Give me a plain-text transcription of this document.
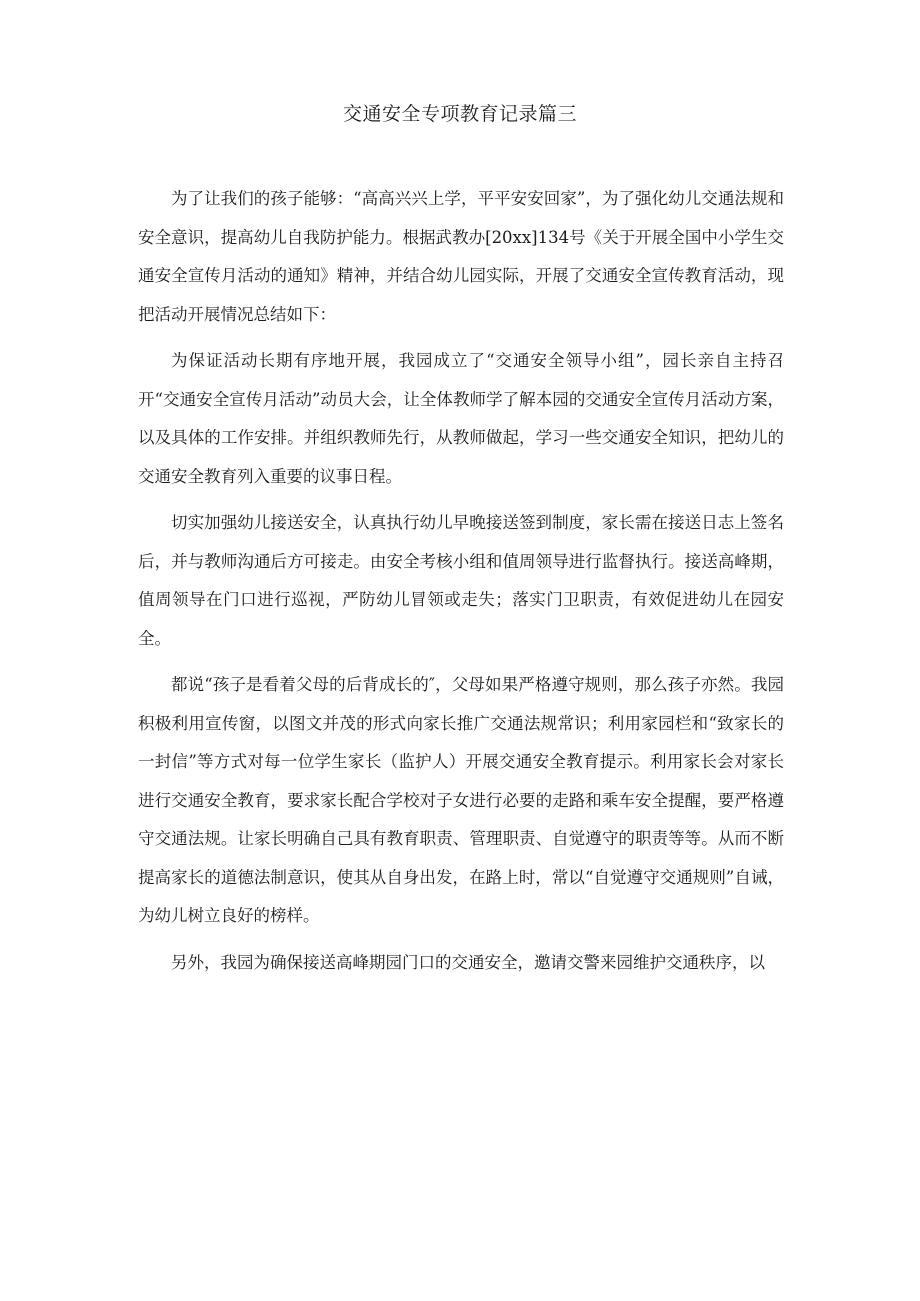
交通安全专项教育记录篇三

为了让我们的孩子能够：“高高兴兴上学，平平安安回家”，为了强化幼儿交通法规和安全意识，提高幼儿自我防护能力。根据武教办[20xx]134号《关于开展全国中小学生交通安全宣传月活动的通知》精神，并结合幼儿园实际，开展了交通安全宣传教育活动，现把活动开展情况总结如下：

为保证活动长期有序地开展，我园成立了“交通安全领导小组”，园长亲自主持召开“交通安全宣传月活动”动员大会，让全体教师学了解本园的交通安全宣传月活动方案，以及具体的工作安排。并组织教师先行，从教师做起，学习一些交通安全知识，把幼儿的交通安全教育列入重要的议事日程。

切实加强幼儿接送安全，认真执行幼儿早晚接送签到制度，家长需在接送日志上签名后，并与教师沟通后方可接走。由安全考核小组和值周领导进行监督执行。接送高峰期，值周领导在门口进行巡视，严防幼儿冒领或走失；落实门卫职责，有效促进幼儿在园安全。

都说“孩子是看着父母的后背成长的″，父母如果严格遵守规则，那么孩子亦然。我园积极利用宣传窗，以图文并茂的形式向家长推广交通法规常识；利用家园栏和“致家长的一封信”等方式对每一位学生家长（监护人）开展交通安全教育提示。利用家长会对家长进行交通安全教育，要求家长配合学校对子女进行必要的走路和乘车安全提醒，要严格遵守交通法规。让家长明确自己具有教育职责、管理职责、自觉遵守的职责等等。从而不断提高家长的道德法制意识，使其从自身出发，在路上时，常以“自觉遵守交通规则”自诫，为幼儿树立良好的榜样。

另外，我园为确保接送高峰期园门口的交通安全，邀请交警来园维护交通秩序，以
